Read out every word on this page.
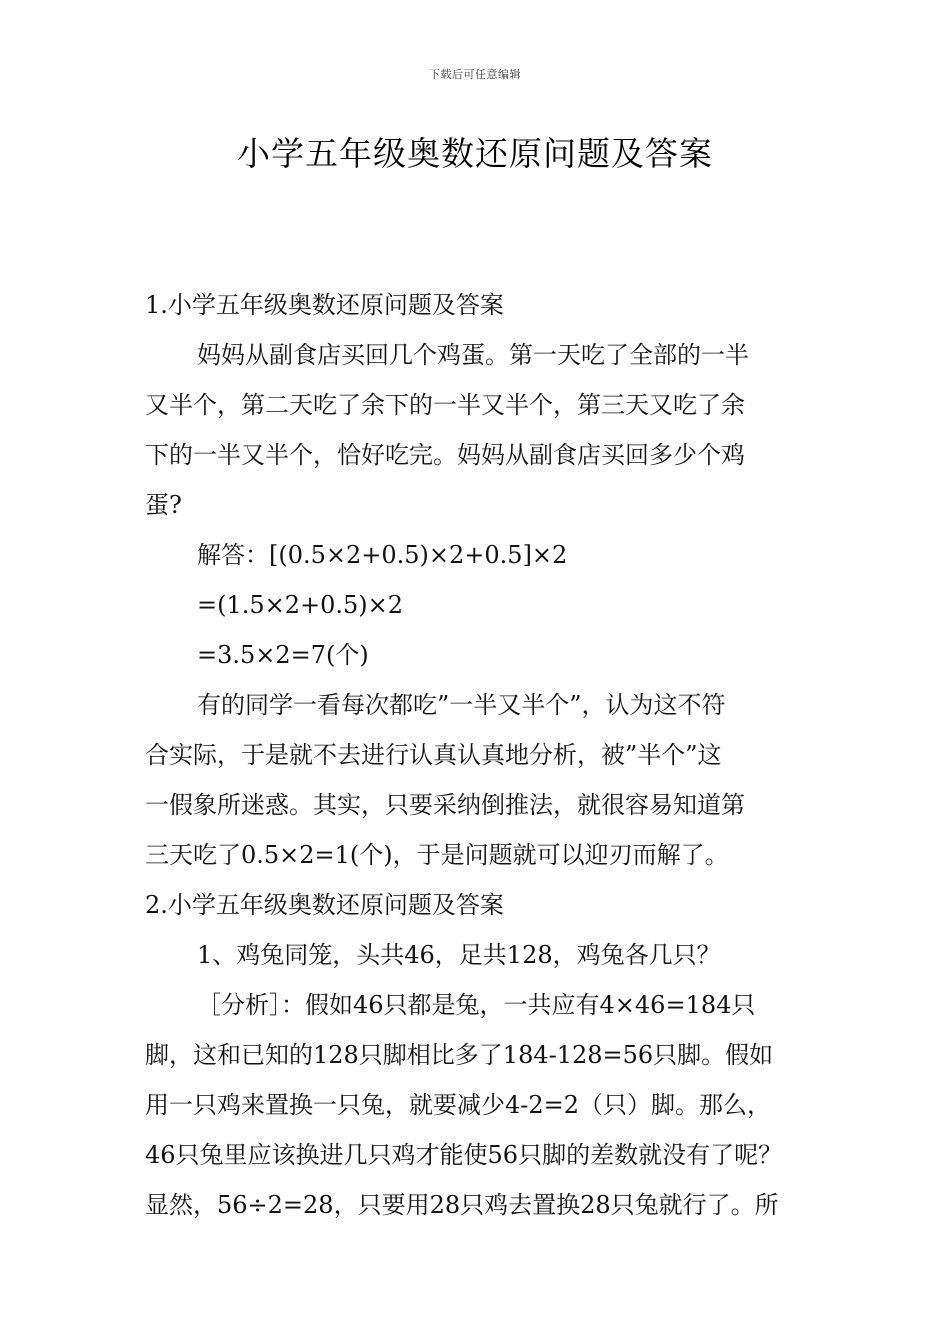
下载后可任意编辑
小学五年级奥数还原问题及答案
1.小学五年级奥数还原问题及答案
妈妈从副食店买回几个鸡蛋。第一天吃了全部的一半
又半个，第二天吃了余下的一半又半个，第三天又吃了余
下的一半又半个，恰好吃完。妈妈从副食店买回多少个鸡
蛋?
解答：[(0.5×2+0.5)×2+0.5]×2
=(1.5×2+0.5)×2
=3.5×2=7(个)
有的同学一看每次都吃”一半又半个”，认为这不符
合实际，于是就不去进行认真认真地分析，被”半个”这
一假象所迷惑。其实，只要采纳倒推法，就很容易知道第
三天吃了0.5×2=1(个)，于是问题就可以迎刃而解了。
2.小学五年级奥数还原问题及答案
1、鸡兔同笼，头共46，足共128，鸡兔各几只？
［分析］：假如46只都是兔，一共应有4×46=184只
脚，这和已知的128只脚相比多了184-128=56只脚。假如
用一只鸡来置换一只兔，就要减少4-2=2（只）脚。那么，
46只兔里应该换进几只鸡才能使56只脚的差数就没有了呢？
显然，56÷2=28，只要用28只鸡去置换28只兔就行了。所
